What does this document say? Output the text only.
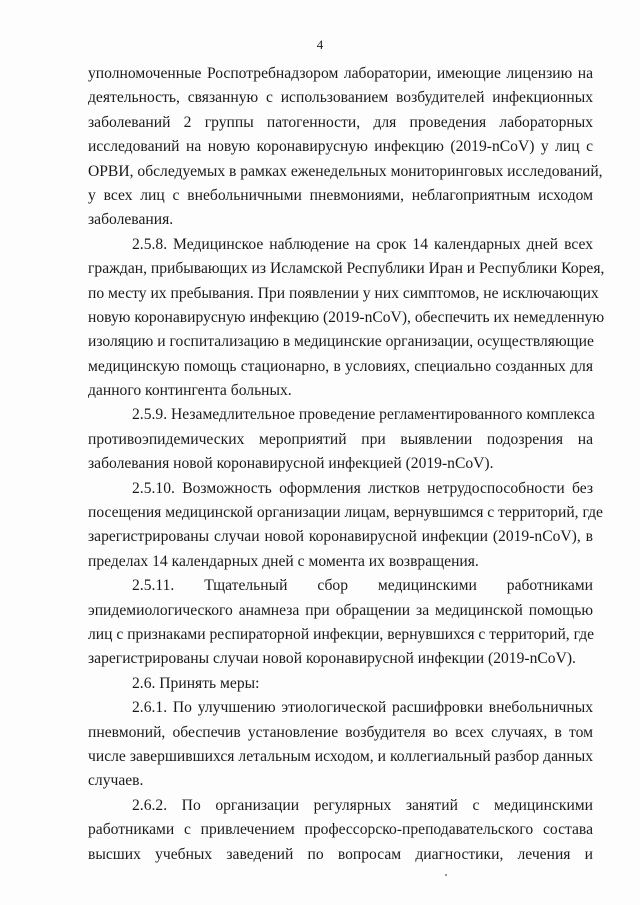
4

уполномоченные Роспотребнадзором лаборатории, имеющие лицензию на
деятельность, связанную с использованием возбудителей инфекционных
заболеваний 2 группы патогенности, для проведения лабораторных
исследований на новую коронавирусную инфекцию (2019-nCoV) у лиц с
ОРВИ, обследуемых в рамках еженедельных мониторинговых исследований,
у всех лиц с внебольничными пневмониями, неблагоприятным исходом
заболевания.

2.5.8. Медицинское наблюдение на срок 14 календарных дней всех
граждан, прибывающих из Исламской Республики Иран и Республики Корея,
по месту их пребывания. При появлении у них симптомов, не исключающих
новую коронавирусную инфекцию (2019-nCoV), обеспечить их немедленную
изоляцию и госпитализацию в медицинские организации, осуществляющие
медицинскую помощь стационарно, в условиях, специально созданных для
данного контингента больных.

2.5.9. Незамедлительное проведение регламентированного комплекса
противоэпидемических мероприятий при выявлении подозрения на
заболевания новой коронавирусной инфекцией (2019-nCoV).

2.5.10. Возможность оформления листков нетрудоспособности без
посещения медицинской организации лицам, вернувшимся с территорий, где
зарегистрированы случаи новой коронавирусной инфекции (2019-nCoV), в
пределах 14 календарных дней с момента их возвращения.

2.5.11. Тщательный сбор медицинскими работниками
эпидемиологического анамнеза при обращении за медицинской помощью
лиц с признаками респираторной инфекции, вернувшихся с территорий, где
зарегистрированы случаи новой коронавирусной инфекции (2019-nCoV).

2.6. Принять меры:

2.6.1. По улучшению этиологической расшифровки внебольничных
пневмоний, обеспечив установление возбудителя во всех случаях, в том
числе завершившихся летальным исходом, и коллегиальный разбор данных
случаев.

2.6.2. По организации регулярных занятий с медицинскими
работниками с привлечением профессорско-преподавательского состава
высших учебных заведений по вопросам диагностики, лечения и
